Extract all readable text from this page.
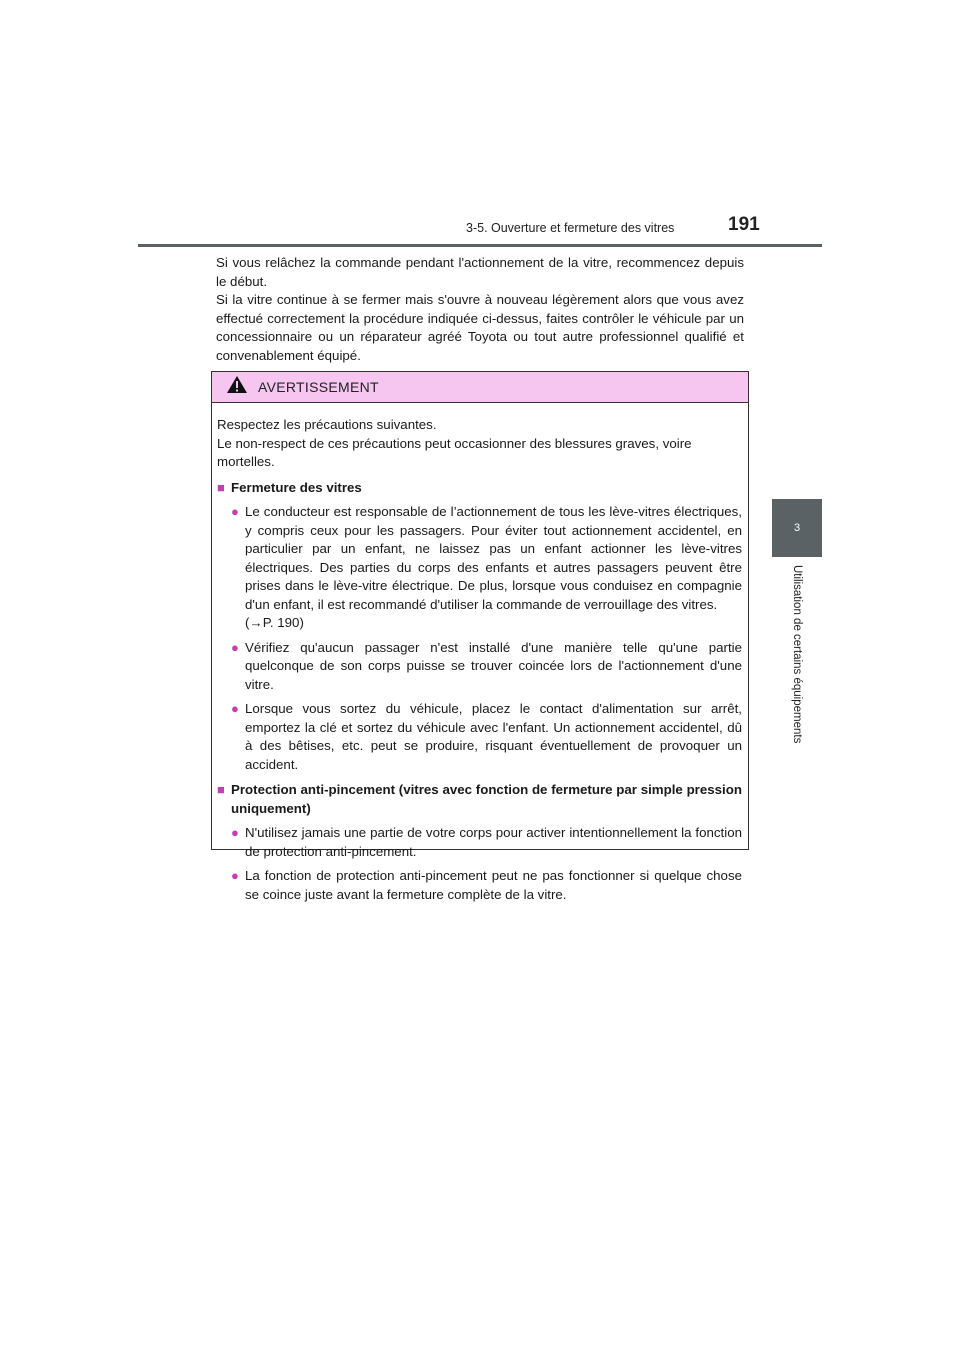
3-5. Ouverture et fermeture des vitres	191
3
Utilisation de certains équipements

Si vous relâchez la commande pendant l'actionnement de la vitre, recommencez depuis le début.

Si la vitre continue à se fermer mais s'ouvre à nouveau légèrement alors que vous avez effectué correctement la procédure indiquée ci-dessus, faites contrôler le véhicule par un concessionnaire ou un réparateur agréé Toyota ou tout autre professionnel qualifié et convenablement équipé.

AVERTISSEMENT

Respectez les précautions suivantes.

Le non-respect de ces précautions peut occasionner des blessures graves, voire mortelles.

■ Fermeture des vitres
● Le conducteur est responsable de l’actionnement de tous les lève-vitres électriques, y compris ceux pour les passagers. Pour éviter tout actionnement accidentel, en particulier par un enfant, ne laissez pas un enfant actionner les lève-vitres électriques. Des parties du corps des enfants et autres passagers peuvent être prises dans le lève-vitre électrique. De plus, lorsque vous conduisez en compagnie d'un enfant, il est recommandé d'utiliser la commande de verrouillage des vitres.
(→P. 190)
● Vérifiez qu'aucun passager n'est installé d'une manière telle qu'une partie quelconque de son corps puisse se trouver coincée lors de l'actionnement d'une vitre.
● Lorsque vous sortez du véhicule, placez le contact d'alimentation sur arrêt, emportez la clé et sortez du véhicule avec l'enfant. Un actionnement accidentel, dû à des bêtises, etc. peut se produire, risquant éventuellement de provoquer un accident.
■ Protection anti-pincement (vitres avec fonction de fermeture par simple pression uniquement)
● N'utilisez jamais une partie de votre corps pour activer intentionnellement la fonction de protection anti-pincement.
● La fonction de protection anti-pincement peut ne pas fonctionner si quelque chose se coince juste avant la fermeture complète de la vitre.
